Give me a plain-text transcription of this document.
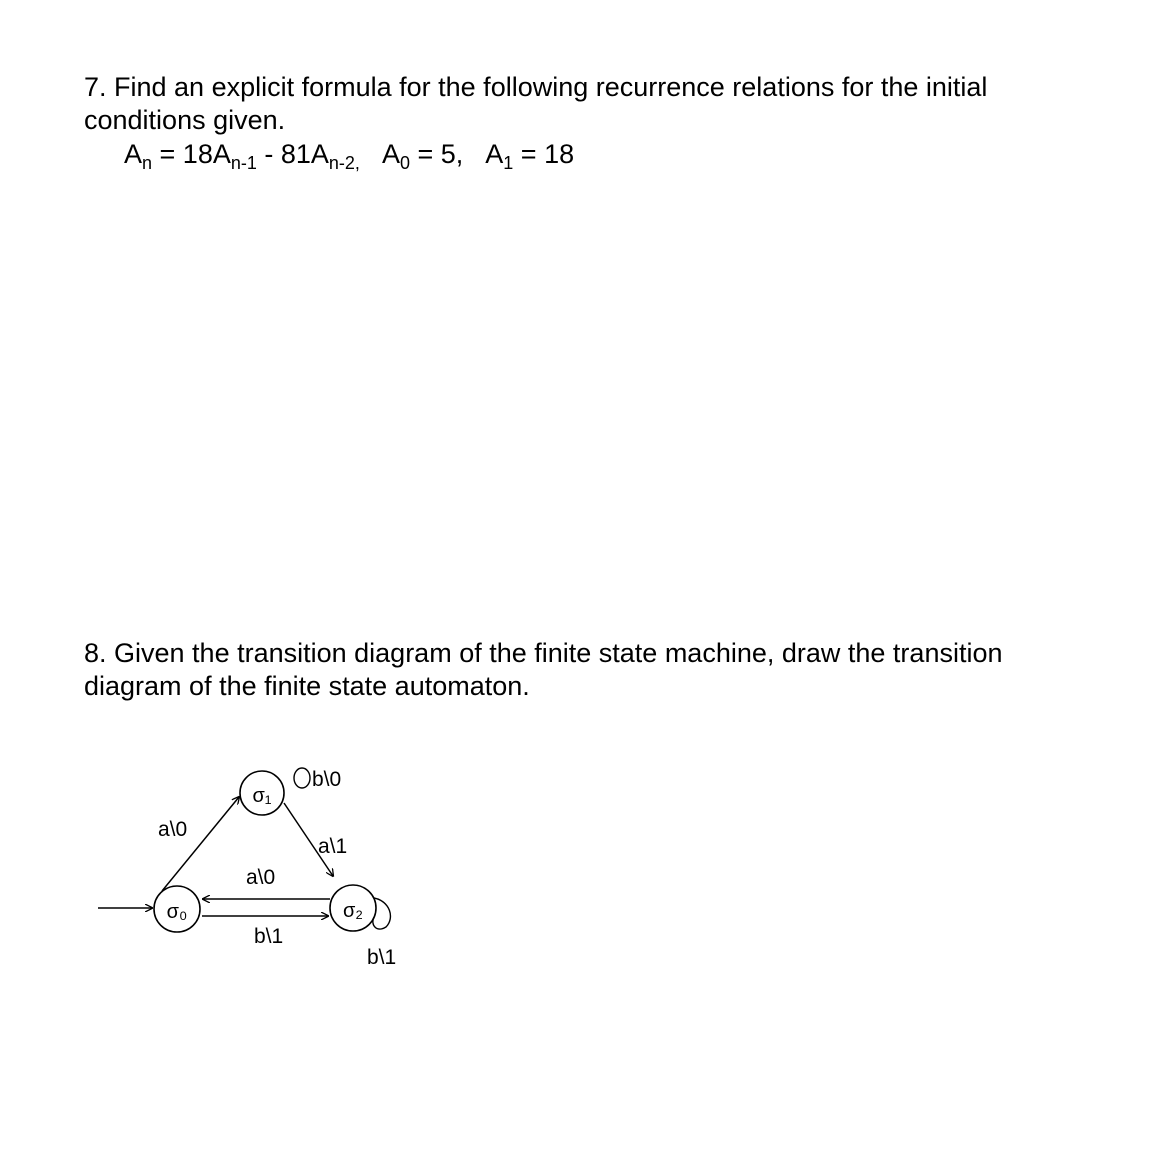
7. Find an explicit formula for the following recurrence relations for the initial conditions given.

$A_n = 18A_{n-1} - 81A_{n-2,}$ $A_0 = 5$, $A_1 = 18$

8. Given the transition diagram of the finite state machine, draw the transition diagram of the finite state automaton.

σ₁
σ₀	σ₂
a\0
b\0
a\1
a\0
b\1
b\1
